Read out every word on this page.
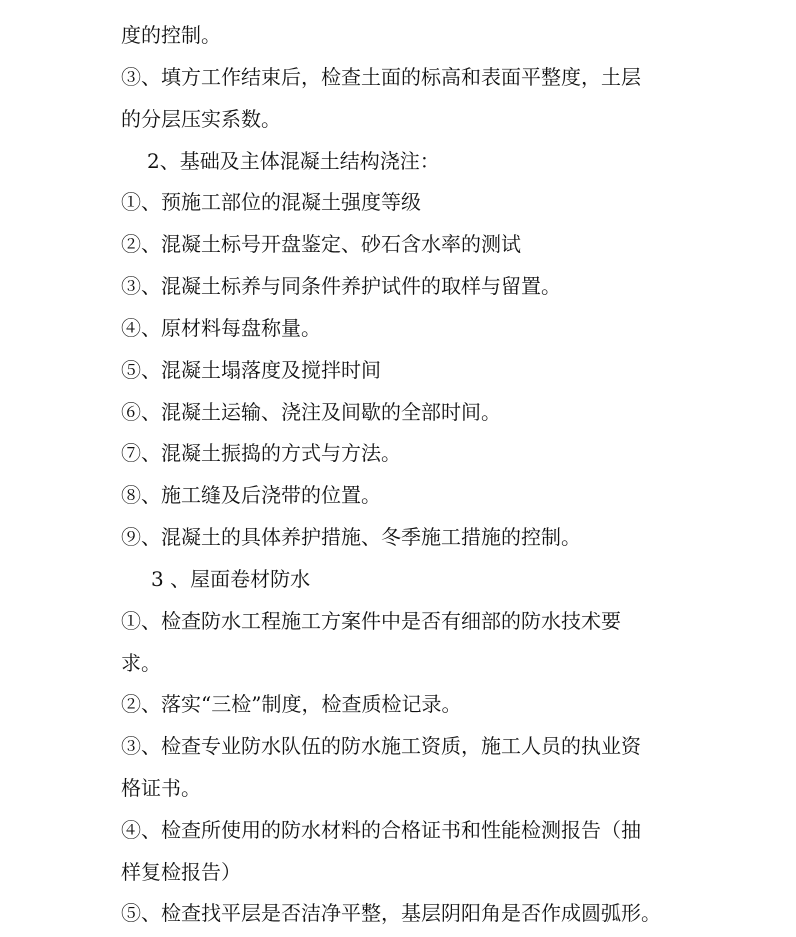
度的控制。
③、填方工作结束后，检查土面的标高和表面平整度，土层
的分层压实系数。
2、基础及主体混凝土结构浇注：
①、预施工部位的混凝土强度等级
②、混凝土标号开盘鉴定、砂石含水率的测试
③、混凝土标养与同条件养护试件的取样与留置。
④、原材料每盘称量。
⑤、混凝土塌落度及搅拌时间
⑥、混凝土运输、浇注及间歇的全部时间。
⑦、混凝土振捣的方式与方法。
⑧、施工缝及后浇带的位置。
⑨、混凝土的具体养护措施、冬季施工措施的控制。
3 、屋面卷材防水
①、检查防水工程施工方案件中是否有细部的防水技术要
求。
②、落实“三检”制度，检查质检记录。
③、检查专业防水队伍的防水施工资质，施工人员的执业资
格证书。
④、检查所使用的防水材料的合格证书和性能检测报告（抽
样复检报告）
⑤、检查找平层是否洁净平整，基层阴阳角是否作成圆弧形。
